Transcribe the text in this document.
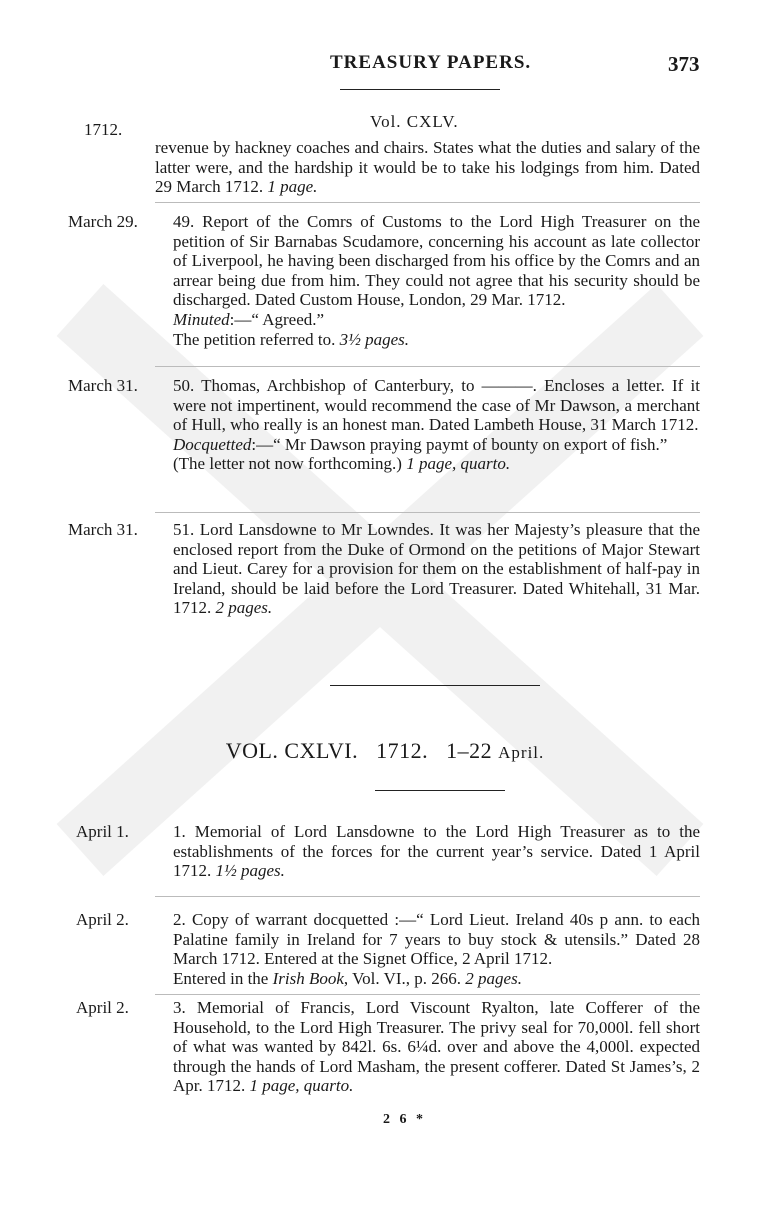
TREASURY PAPERS.	373
Vol. CXLV.
1712.

revenue by hackney coaches and chairs. States what the duties and salary of the latter were, and the hardship it would be to take his lodgings from him. Dated 29 March 1712. 1 page.

March 29.	49. Report of the Comrs of Customs to the Lord High Treasurer on the petition of Sir Barnabas Scudamore, concerning his account as late collector of Liverpool, he having been discharged from his office by the Comrs and an arrear being due from him. They could not agree that his security should be discharged. Dated Custom House, London, 29 Mar. 1712.

Minuted:—“ Agreed.”

The petition referred to. 3½ pages.

March 31.	50. Thomas, Archbishop of Canterbury, to ———. Encloses a letter. If it were not impertinent, would recommend the case of Mr Dawson, a merchant of Hull, who really is an honest man. Dated Lambeth House, 31 March 1712.

Docquetted:—“ Mr Dawson praying paymt of bounty on export of fish.”

(The letter not now forthcoming.) 1 page, quarto.

March 31.	51. Lord Lansdowne to Mr Lowndes. It was her Majesty’s pleasure that the enclosed report from the Duke of Ormond on the petitions of Major Stewart and Lieut. Carey for a provision for them on the establishment of half-pay in Ireland, should be laid before the Lord Treasurer. Dated Whitehall, 31 Mar. 1712. 2 pages.

VOL. CXLVI. 1712. 1–22 April.
April 1.	1. Memorial of Lord Lansdowne to the Lord High Treasurer as to the establishments of the forces for the current year’s service. Dated 1 April 1712. 1½ pages.

April 2.	2. Copy of warrant docquetted :—“ Lord Lieut. Ireland 40s p ann. to each Palatine family in Ireland for 7 years to buy stock & utensils.” Dated 28 March 1712. Entered at the Signet Office, 2 April 1712.

Entered in the Irish Book, Vol. VI., p. 266. 2 pages.

April 2.	3. Memorial of Francis, Lord Viscount Ryalton, late Cofferer of the Household, to the Lord High Treasurer. The privy seal for 70,000l. fell short of what was wanted by 842l. 6s. 6¼d. over and above the 4,000l. expected through the hands of Lord Masham, the present cofferer. Dated St James’s, 2 Apr. 1712. 1 page, quarto.

2 6 *
